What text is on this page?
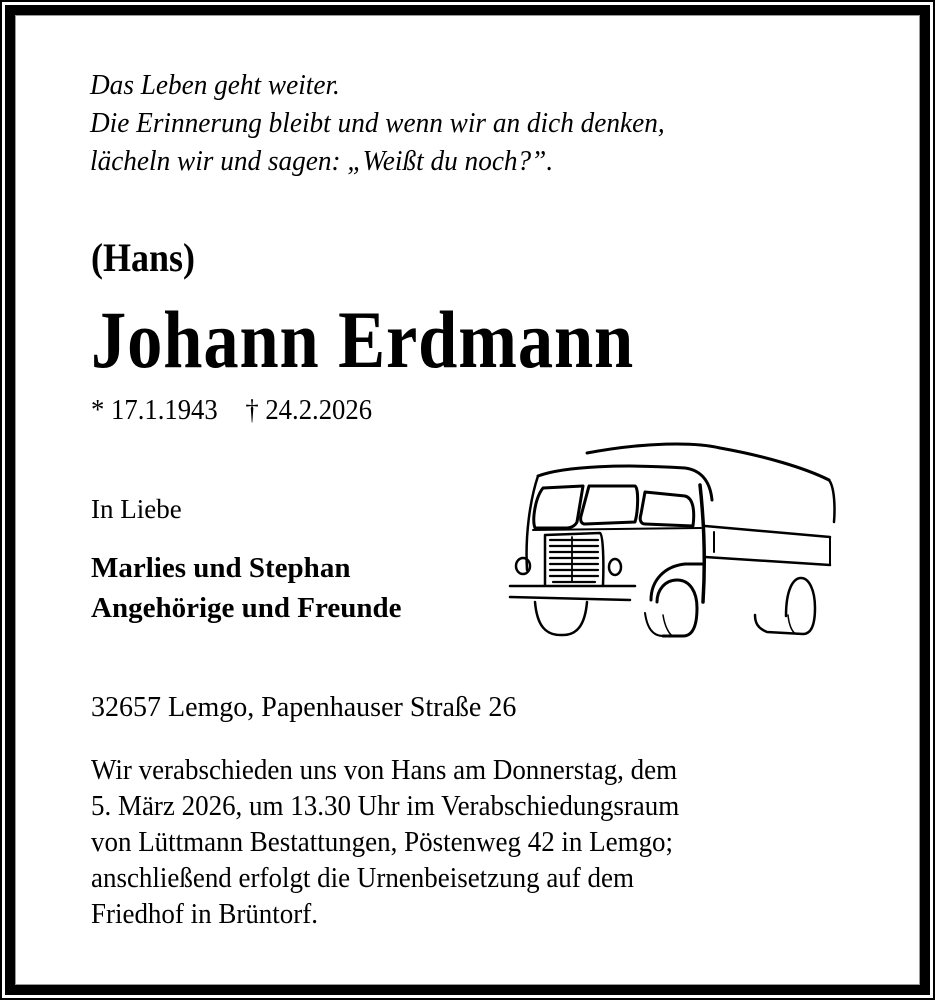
Das Leben geht weiter.
Die Erinnerung bleibt und wenn wir an dich denken,
lächeln wir und sagen: „Weißt du noch?”.
(Hans)
Johann Erdmann
* 17.1.1943 † 24.2.2026
In Liebe
Marlies und Stephan
Angehörige und Freunde
32657 Lemgo, Papenhauser Straße 26
Wir verabschieden uns von Hans am Donnerstag, dem
5. März 2026, um 13.30 Uhr im Verabschiedungsraum
von Lüttmann Bestattungen, Pöstenweg 42 in Lemgo;
anschließend erfolgt die Urnenbeisetzung auf dem
Friedhof in Brüntorf.
